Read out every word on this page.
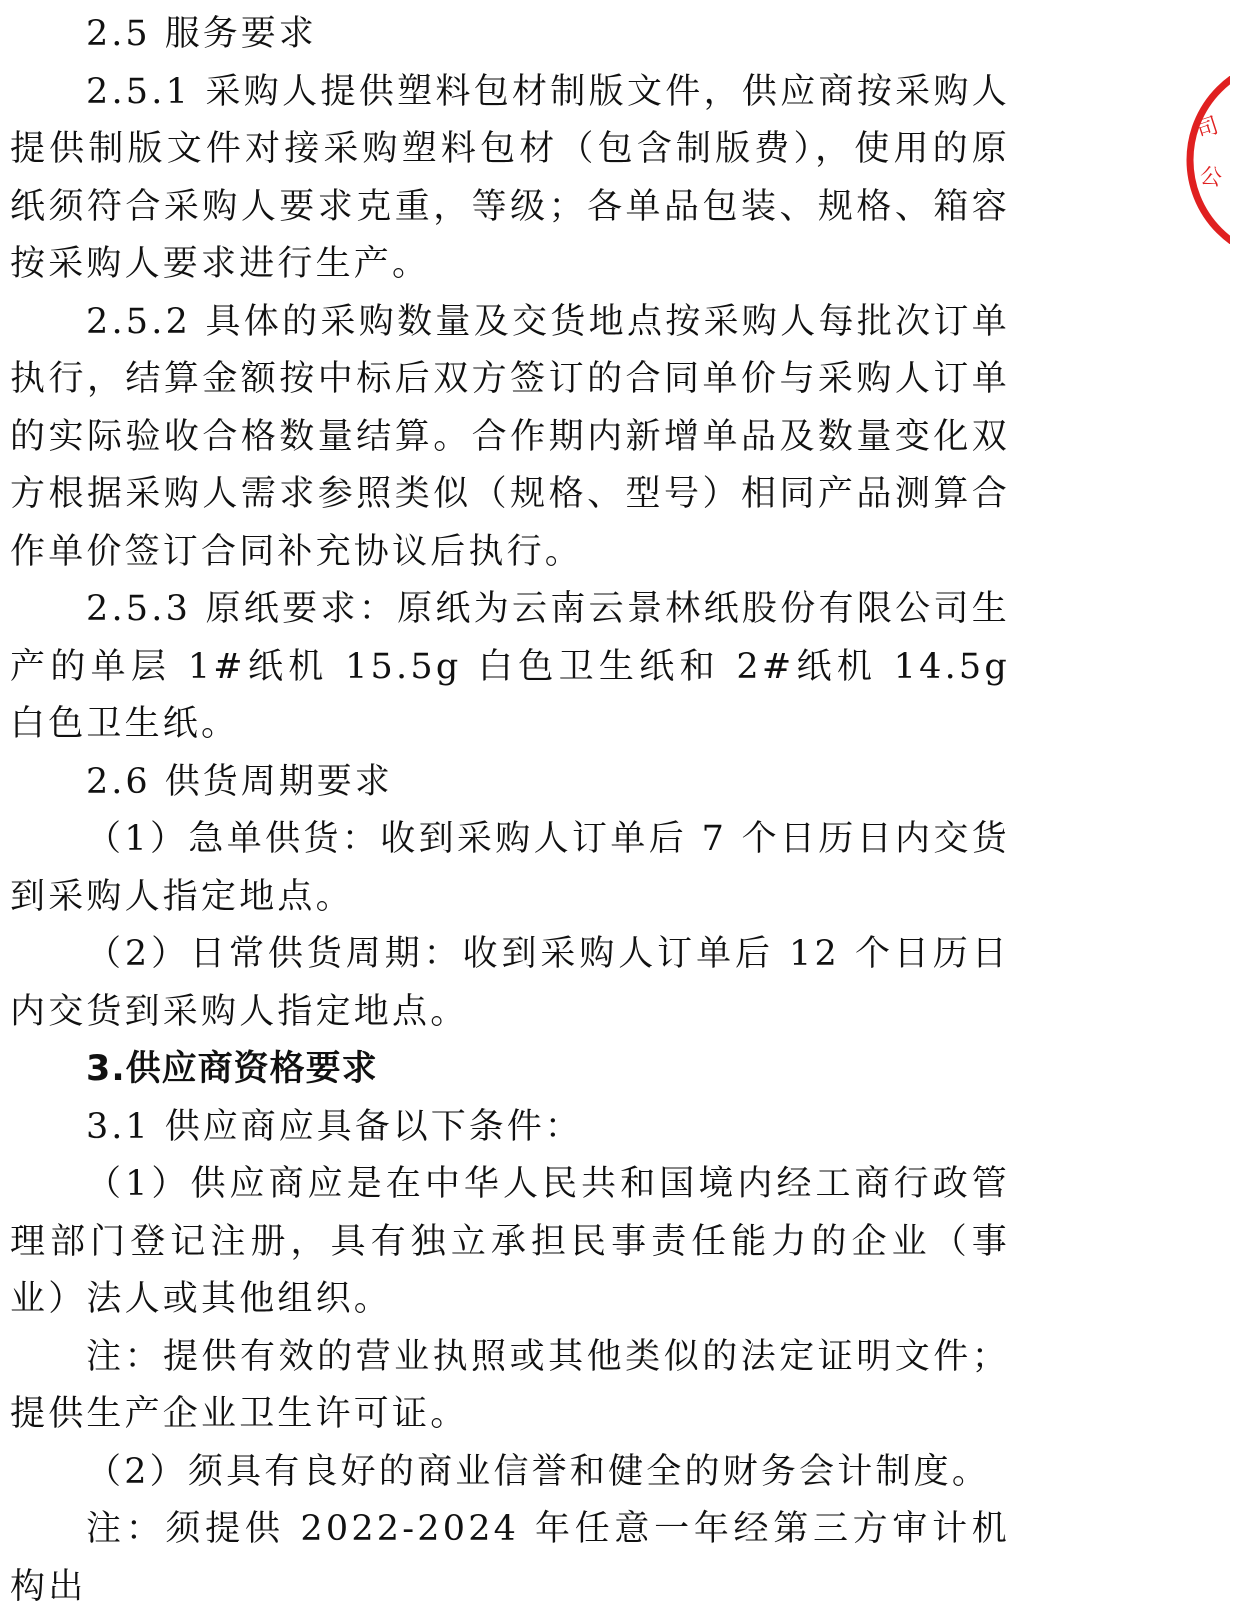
2.5 服务要求

2.5.1 采购人提供塑料包材制版文件，供应商按采购人提供制版文件对接采购塑料包材（包含制版费），使用的原纸须符合采购人要求克重，等级；各单品包装、规格、箱容按采购人要求进行生产。

2.5.2 具体的采购数量及交货地点按采购人每批次订单执行，结算金额按中标后双方签订的合同单价与采购人订单的实际验收合格数量结算。合作期内新增单品及数量变化双方根据采购人需求参照类似（规格、型号）相同产品测算合作单价签订合同补充协议后执行。

2.5.3 原纸要求：原纸为云南云景林纸股份有限公司生产的单层 1#纸机 15.5g 白色卫生纸和 2#纸机 14.5g 白色卫生纸。

2.6 供货周期要求

（1）急单供货：收到采购人订单后 7 个日历日内交货到采购人指定地点。

（2）日常供货周期：收到采购人订单后 12 个日历日内交货到采购人指定地点。

3.供应商资格要求

3.1 供应商应具备以下条件：

（1）供应商应是在中华人民共和国境内经工商行政管理部门登记注册，具有独立承担民事责任能力的企业（事业）法人或其他组织。

注：提供有效的营业执照或其他类似的法定证明文件；提供生产企业卫生许可证。

（2）须具有良好的商业信誉和健全的财务会计制度。

注：须提供 2022-2024 年任意一年经第三方审计机构出

司
公
